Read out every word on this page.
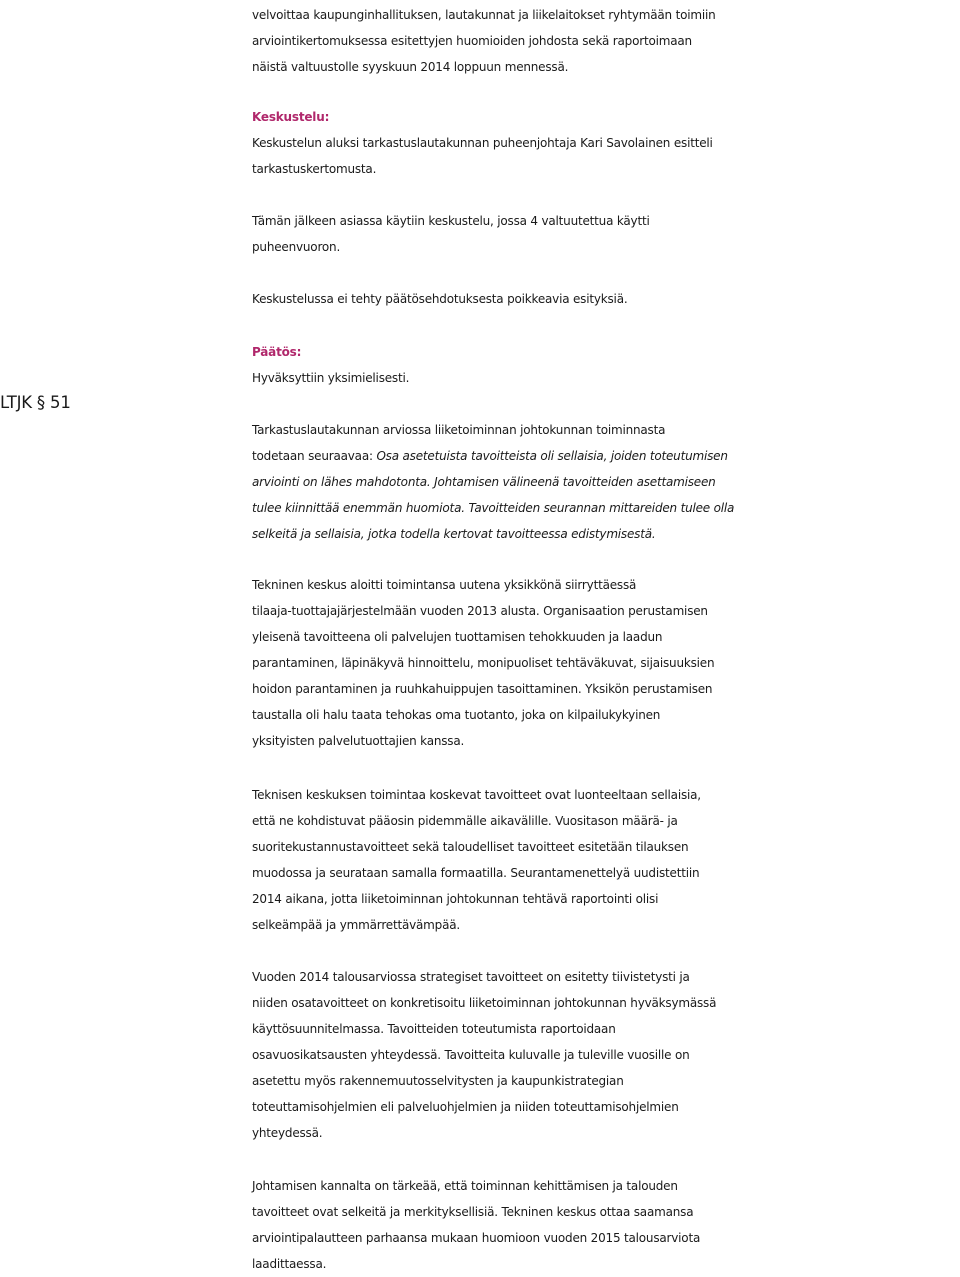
LTJK § 51
velvoittaa kaupunginhallituksen, lautakunnat ja liikelaitokset ryhtymään toimiin
arviointikertomuksessa esitettyjen huomioiden johdosta sekä raportoimaan
näistä valtuustolle syyskuun 2014 loppuun mennessä.
Keskustelu:
Keskustelun aluksi tarkastuslautakunnan puheenjohtaja Kari Savolainen esitteli
tarkastuskertomusta.
Tämän jälkeen asiassa käytiin keskustelu, jossa 4 valtuutettua käytti
puheenvuoron.
Keskustelussa ei tehty päätösehdotuksesta poikkeavia esityksiä.
Päätös:
Hyväksyttiin yksimielisesti.
Tarkastuslautakunnan arviossa liiketoiminnan johtokunnan toiminnasta
todetaan seuraavaa: Osa asetetuista tavoitteista oli sellaisia, joiden toteutumisen
arviointi on lähes mahdotonta. Johtamisen välineenä tavoitteiden asettamiseen
tulee kiinnittää enemmän huomiota. Tavoitteiden seurannan mittareiden tulee olla
selkeitä ja sellaisia, jotka todella kertovat tavoitteessa edistymisestä.
Tekninen keskus aloitti toimintansa uutena yksikkönä siirryttäessä
tilaaja-tuottajajärjestelmään vuoden 2013 alusta. Organisaation perustamisen
yleisenä tavoitteena oli palvelujen tuottamisen tehokkuuden ja laadun
parantaminen, läpinäkyvä hinnoittelu, monipuoliset tehtäväkuvat, sijaisuuksien
hoidon parantaminen ja ruuhkahuippujen tasoittaminen. Yksikön perustamisen
taustalla oli halu taata tehokas oma tuotanto, joka on kilpailukykyinen
yksityisten palvelutuottajien kanssa.
Teknisen keskuksen toimintaa koskevat tavoitteet ovat luonteeltaan sellaisia,
että ne kohdistuvat pääosin pidemmälle aikavälille. Vuositason määrä- ja
suoritekustannustavoitteet sekä taloudelliset tavoitteet esitetään tilauksen
muodossa ja seurataan samalla formaatilla. Seurantamenettelyä uudistettiin
2014 aikana, jotta liiketoiminnan johtokunnan tehtävä raportointi olisi
selkeämpää ja ymmärrettävämpää.
Vuoden 2014 talousarviossa strategiset tavoitteet on esitetty tiivistetysti ja
niiden osatavoitteet on konkretisoitu liiketoiminnan johtokunnan hyväksymässä
käyttösuunnitelmassa. Tavoitteiden toteutumista raportoidaan
osavuosikatsausten yhteydessä. Tavoitteita kuluvalle ja tuleville vuosille on
asetettu myös rakennemuutosselvitysten ja kaupunkistrategian
toteuttamisohjelmien eli palveluohjelmien ja niiden toteuttamisohjelmien
yhteydessä.
Johtamisen kannalta on tärkeää, että toiminnan kehittämisen ja talouden
tavoitteet ovat selkeitä ja merkityksellisiä. Tekninen keskus ottaa saamansa
arviointipalautteen parhaansa mukaan huomioon vuoden 2015 talousarviota
laadittaessa.
